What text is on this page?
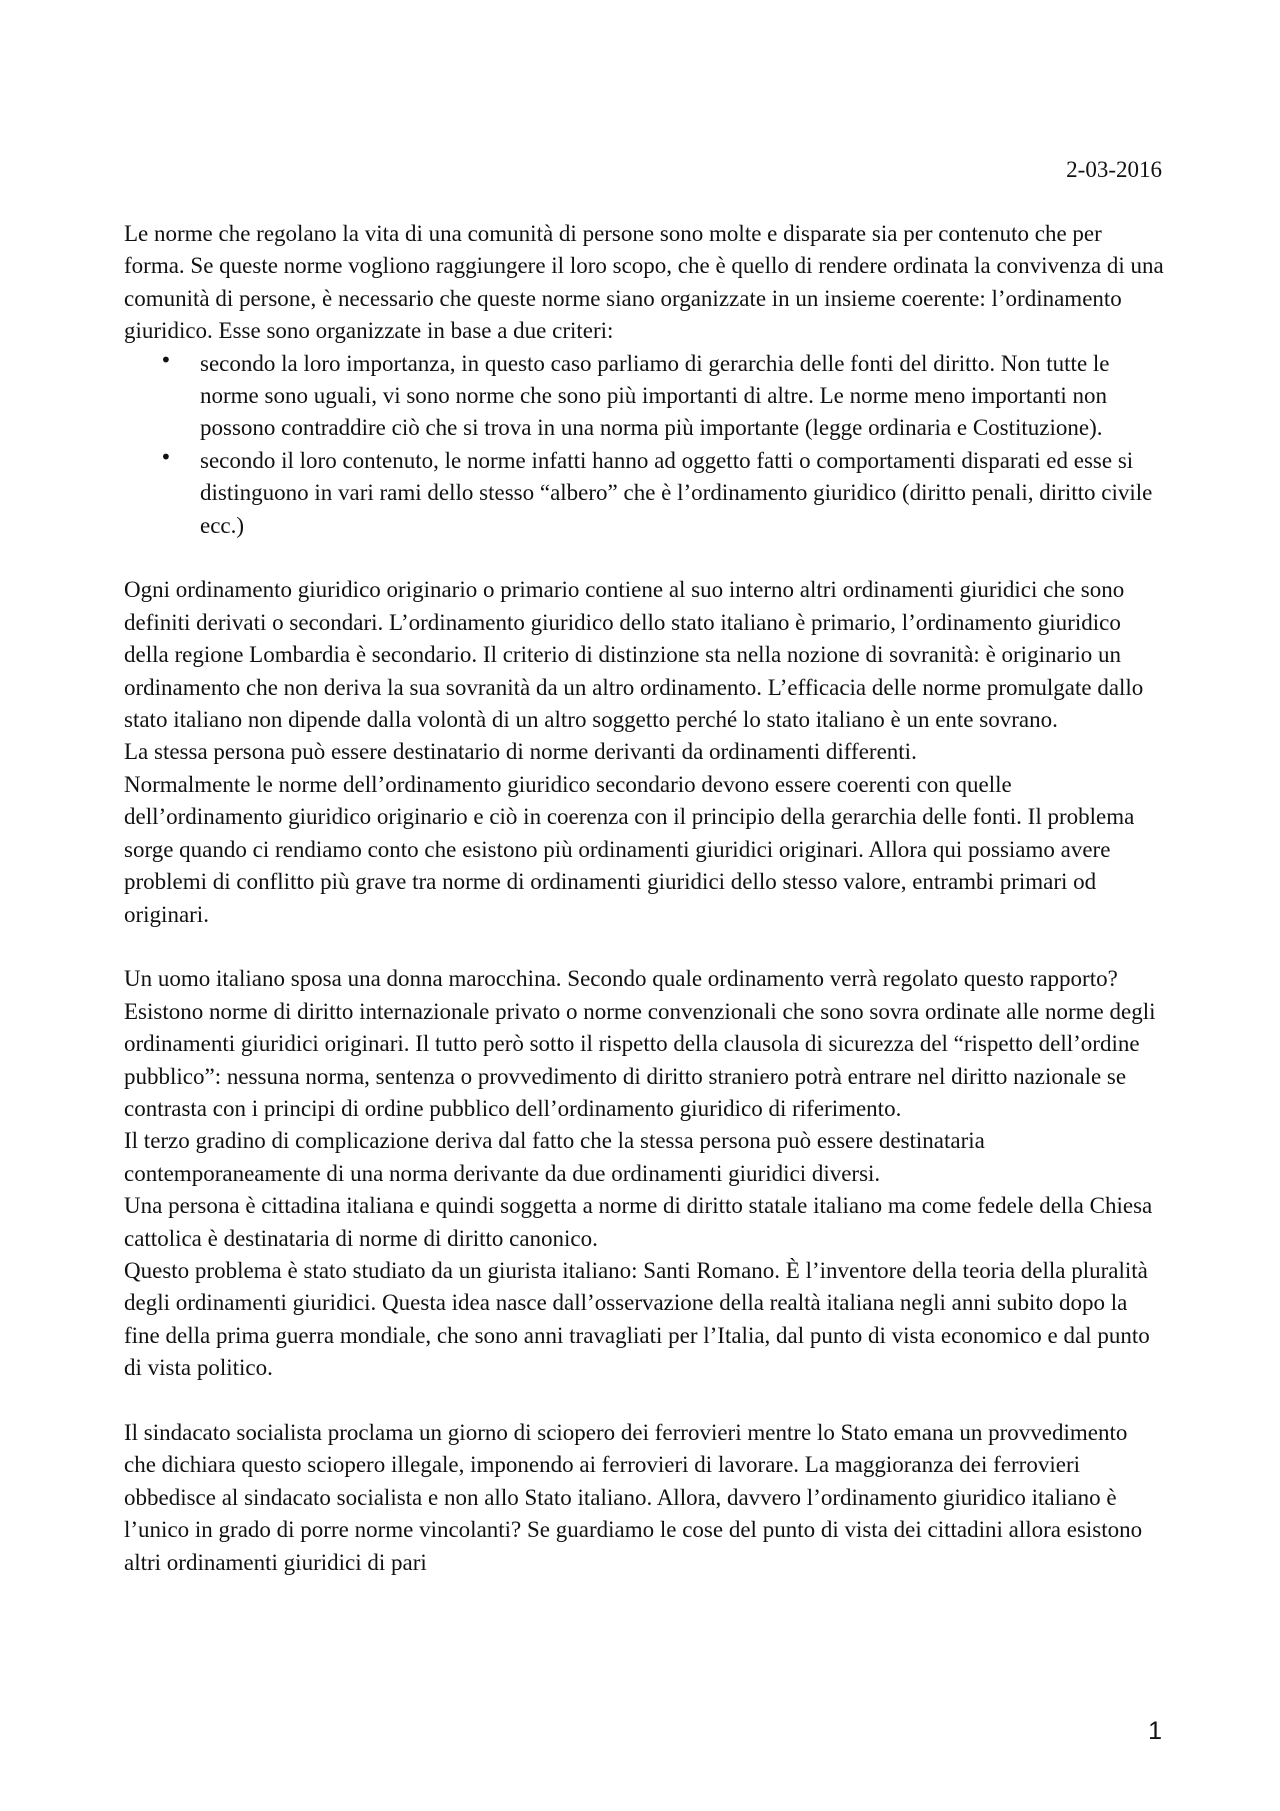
2-03-2016

Le norme che regolano la vita di una comunità di persone sono molte e disparate sia per contenuto che per forma. Se queste norme vogliono raggiungere il loro scopo, che è quello di rendere ordinata la convivenza di una comunità di persone, è necessario che queste norme siano organizzate in un insieme coerente: l’ordinamento giuridico. Esse sono organizzate in base a due criteri:

• secondo la loro importanza, in questo caso parliamo di gerarchia delle fonti del diritto. Non tutte le norme sono uguali, vi sono norme che sono più importanti di altre. Le norme meno importanti non possono contraddire ciò che si trova in una norma più importante (legge ordinaria e Costituzione).
• secondo il loro contenuto, le norme infatti hanno ad oggetto fatti o comportamenti disparati ed esse si distinguono in vari rami dello stesso “albero” che è l’ordinamento giuridico (diritto penali, diritto civile ecc.)

Ogni ordinamento giuridico originario o primario contiene al suo interno altri ordinamenti giuridici che sono definiti derivati o secondari. L’ordinamento giuridico dello stato italiano è primario, l’ordinamento giuridico della regione Lombardia è secondario. Il criterio di distinzione sta nella nozione di sovranità: è originario un ordinamento che non deriva la sua sovranità da un altro ordinamento. L’efficacia delle norme promulgate dallo stato italiano non dipende dalla volontà di un altro soggetto perché lo stato italiano è un ente sovrano.

La stessa persona può essere destinatario di norme derivanti da ordinamenti differenti.

Normalmente le norme dell’ordinamento giuridico secondario devono essere coerenti con quelle dell’ordinamento giuridico originario e ciò in coerenza con il principio della gerarchia delle fonti. Il problema sorge quando ci rendiamo conto che esistono più ordinamenti giuridici originari. Allora qui possiamo avere problemi di conflitto più grave tra norme di ordinamenti giuridici dello stesso valore, entrambi primari od originari.

Un uomo italiano sposa una donna marocchina. Secondo quale ordinamento verrà regolato questo rapporto? Esistono norme di diritto internazionale privato o norme convenzionali che sono sovra ordinate alle norme degli ordinamenti giuridici originari. Il tutto però sotto il rispetto della clausola di sicurezza del “rispetto dell’ordine pubblico”: nessuna norma, sentenza o provvedimento di diritto straniero potrà entrare nel diritto nazionale se contrasta con i principi di ordine pubblico dell’ordinamento giuridico di riferimento.

Il terzo gradino di complicazione deriva dal fatto che la stessa persona può essere destinataria contemporaneamente di una norma derivante da due ordinamenti giuridici diversi.

Una persona è cittadina italiana e quindi soggetta a norme di diritto statale italiano ma come fedele della Chiesa cattolica è destinataria di norme di diritto canonico.

Questo problema è stato studiato da un giurista italiano: Santi Romano. È l’inventore della teoria della pluralità degli ordinamenti giuridici. Questa idea nasce dall’osservazione della realtà italiana negli anni subito dopo la fine della prima guerra mondiale, che sono anni travagliati per l’Italia, dal punto di vista economico e dal punto di vista politico.

Il sindacato socialista proclama un giorno di sciopero dei ferrovieri mentre lo Stato emana un provvedimento che dichiara questo sciopero illegale, imponendo ai ferrovieri di lavorare. La maggioranza dei ferrovieri obbedisce al sindacato socialista e non allo Stato italiano. Allora, davvero l’ordinamento giuridico italiano è l’unico in grado di porre norme vincolanti? Se guardiamo le cose del punto di vista dei cittadini allora esistono altri ordinamenti giuridici di pari

1
